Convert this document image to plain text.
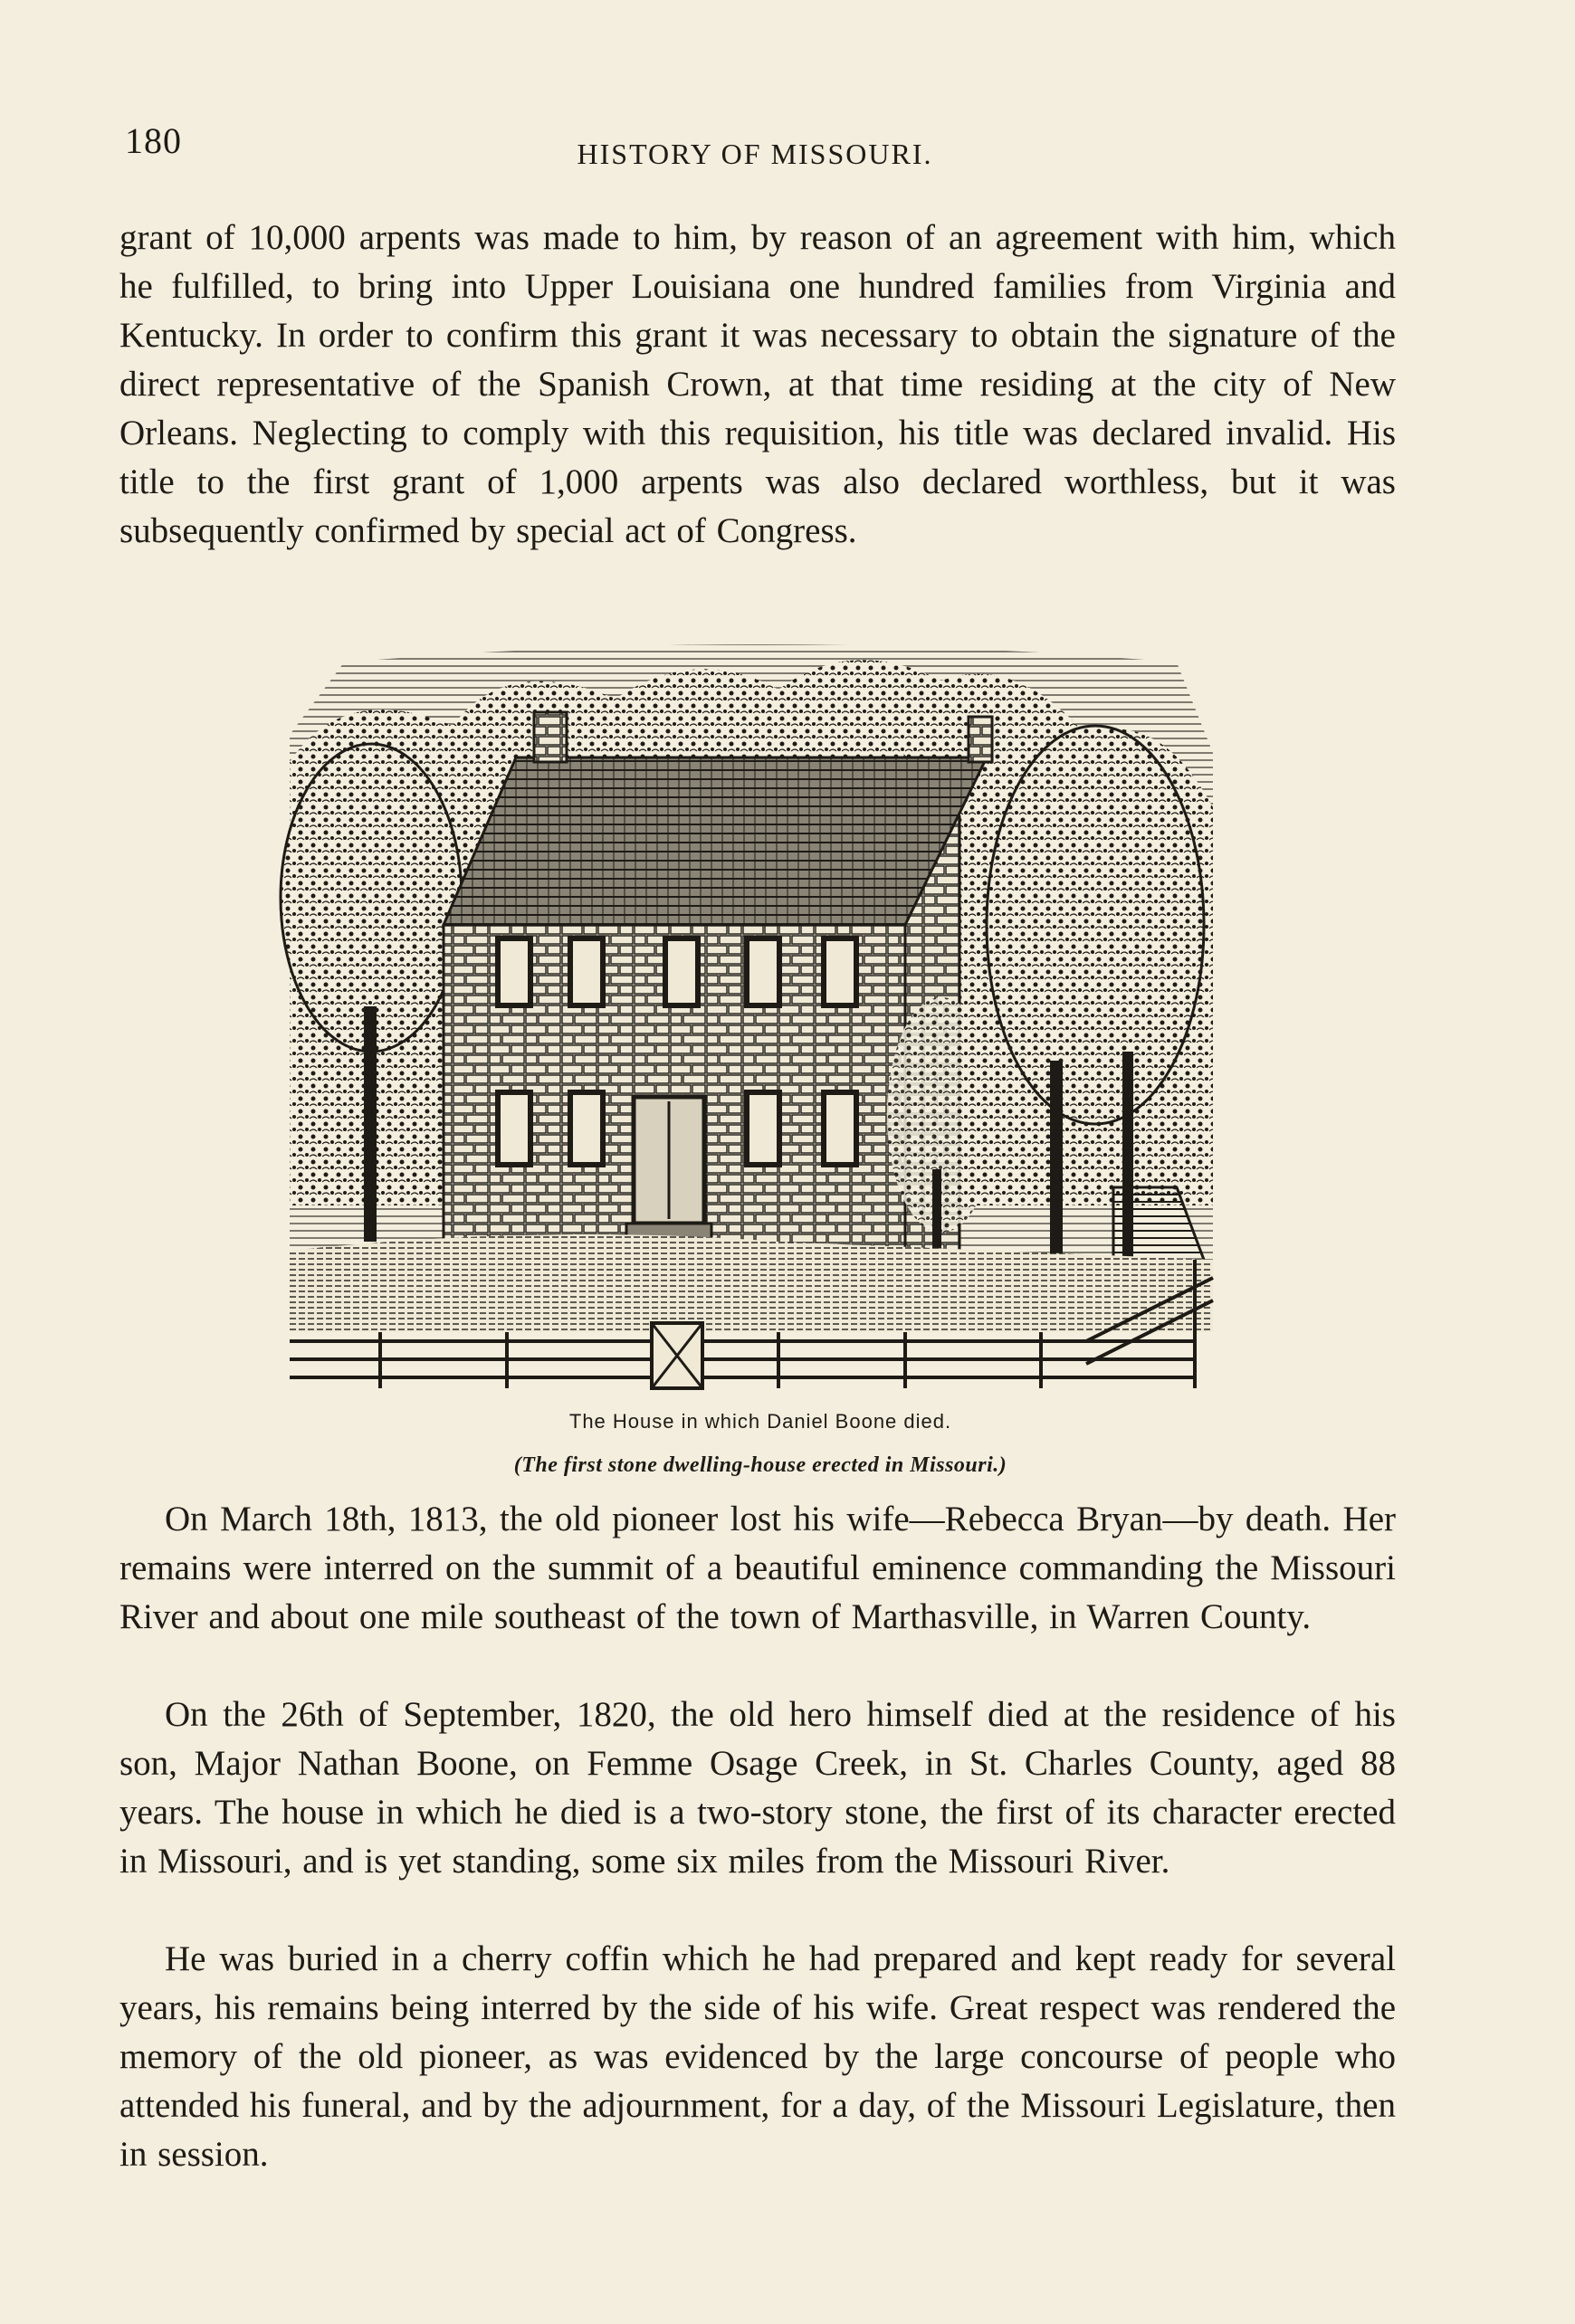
180	HISTORY OF MISSOURI.

grant of 10,000 arpents was made to him, by reason of an agreement with him, which he fulfilled, to bring into Upper Louisiana one hundred families from Virginia and Kentucky. In order to confirm this grant it was necessary to obtain the signature of the direct representative of the Spanish Crown, at that time residing at the city of New Orleans. Neglecting to comply with this requisition, his title was declared invalid. His title to the first grant of 1,000 arpents was also declared worthless, but it was subsequently confirmed by special act of Congress.

The House in which Daniel Boone died.
(The first stone dwelling-house erected in Missouri.)

On March 18th, 1813, the old pioneer lost his wife—Rebecca Bryan—by death. Her remains were interred on the summit of a beautiful eminence commanding the Missouri River and about one mile southeast of the town of Marthasville, in Warren County.

On the 26th of September, 1820, the old hero himself died at the residence of his son, Major Nathan Boone, on Femme Osage Creek, in St. Charles County, aged 88 years. The house in which he died is a two-story stone, the first of its character erected in Missouri, and is yet standing, some six miles from the Missouri River.

He was buried in a cherry coffin which he had prepared and kept ready for several years, his remains being interred by the side of his wife. Great respect was rendered the memory of the old pioneer, as was evidenced by the large concourse of people who attended his funeral, and by the adjournment, for a day, of the Missouri Legislature, then in session.
